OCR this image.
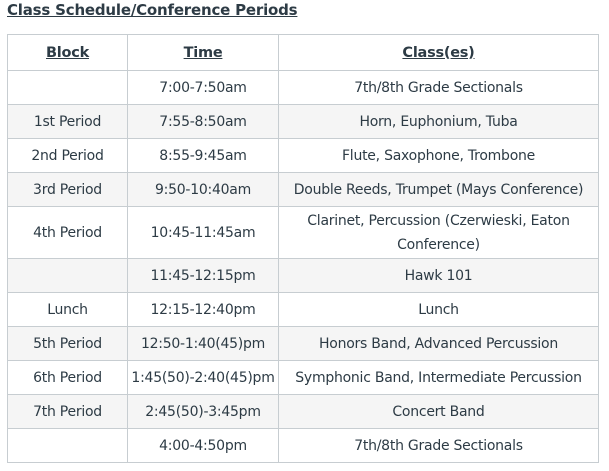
Class Schedule/Conference Periods
Block	Time	Class(es)
	7:00-7:50am	7th/8th Grade Sectionals
1st Period	7:55-8:50am	Horn, Euphonium, Tuba
2nd Period	8:55-9:45am	Flute, Saxophone, Trombone
3rd Period	9:50-10:40am	Double Reeds, Trumpet (Mays Conference)
4th Period	10:45-11:45am	Clarinet, Percussion (Czerwieski, Eaton Conference)
	11:45-12:15pm	Hawk 101
Lunch	12:15-12:40pm	Lunch
5th Period	12:50-1:40(45)pm	Honors Band, Advanced Percussion
6th Period	1:45(50)-2:40(45)pm	Symphonic Band, Intermediate Percussion
7th Period	2:45(50)-3:45pm	Concert Band
	4:00-4:50pm	7th/8th Grade Sectionals
